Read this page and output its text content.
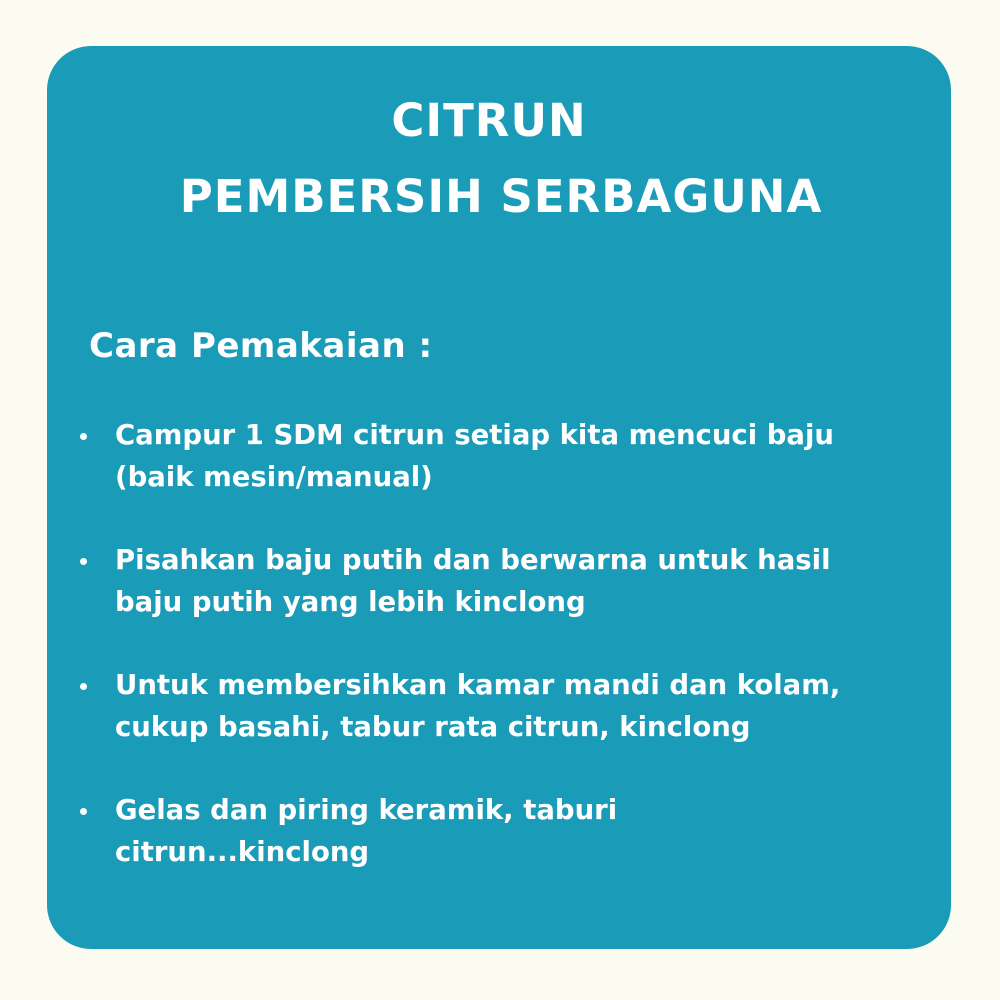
CITRUN
PEMBERSIH SERBAGUNA
Cara Pemakaian :
Campur 1 SDM citrun setiap kita mencuci baju
(baik mesin/manual)
Pisahkan baju putih dan berwarna untuk hasil
baju putih yang lebih kinclong
Untuk membersihkan kamar mandi dan kolam,
cukup basahi, tabur rata citrun, kinclong
Gelas dan piring keramik, taburi
citrun...kinclong
